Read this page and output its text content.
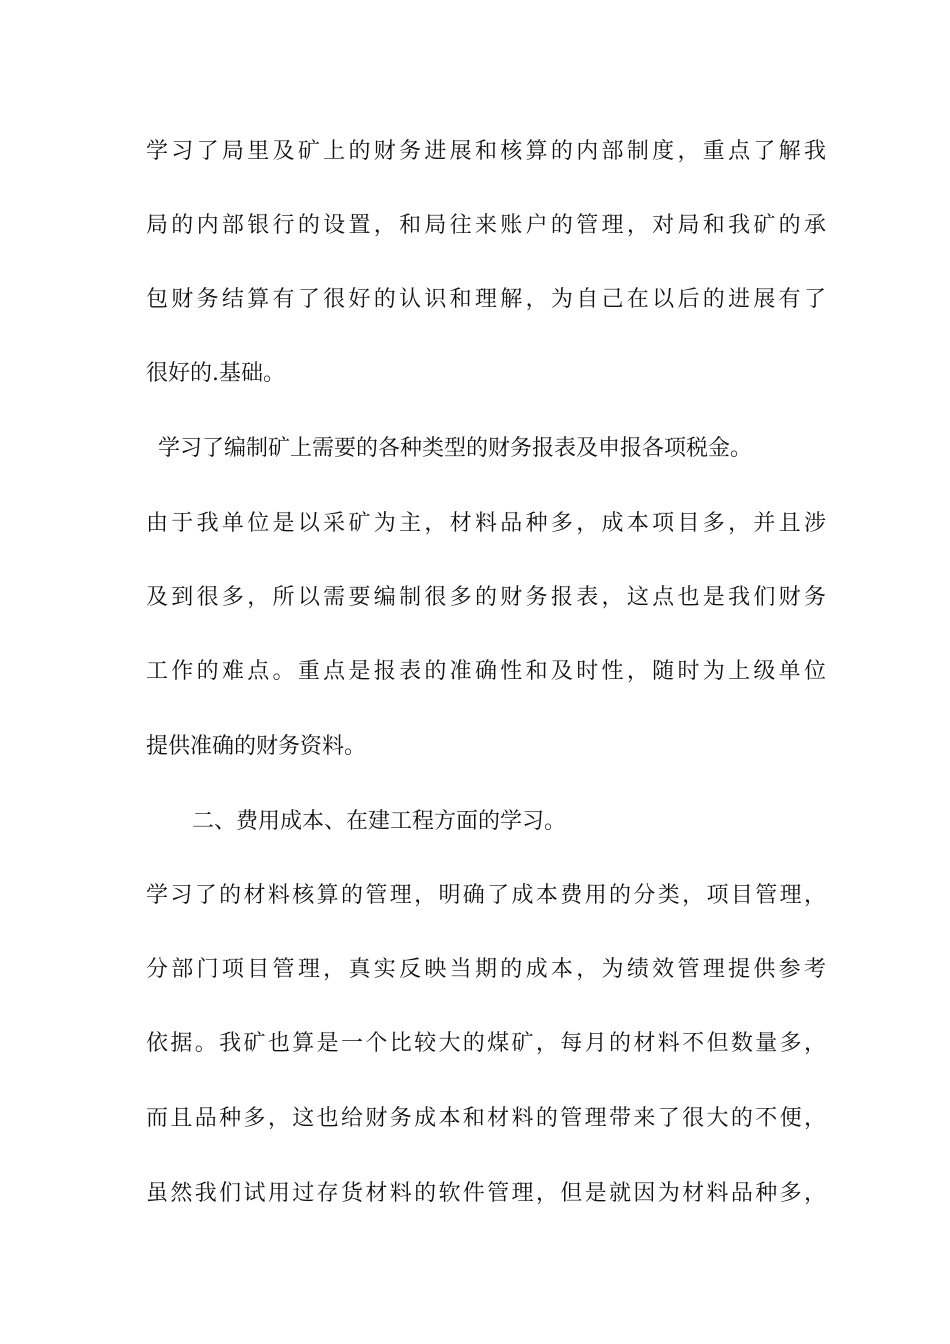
学习了局里及矿上的财务进展和核算的内部制度，重点了解我
局的内部银行的设置，和局往来账户的管理，对局和我矿的承
包财务结算有了很好的认识和理解，为自己在以后的进展有了
很好的.基础。
学习了编制矿上需要的各种类型的财务报表及申报各项税金。
由于我单位是以采矿为主，材料品种多，成本项目多，并且涉
及到很多，所以需要编制很多的财务报表，这点也是我们财务
工作的难点。重点是报表的准确性和及时性，随时为上级单位
提供准确的财务资料。
二、费用成本、在建工程方面的学习。
学习了的材料核算的管理，明确了成本费用的分类，项目管理，
分部门项目管理，真实反映当期的成本，为绩效管理提供参考
依据。我矿也算是一个比较大的煤矿，每月的材料不但数量多，
而且品种多，这也给财务成本和材料的管理带来了很大的不便，
虽然我们试用过存货材料的软件管理，但是就因为材料品种多，
